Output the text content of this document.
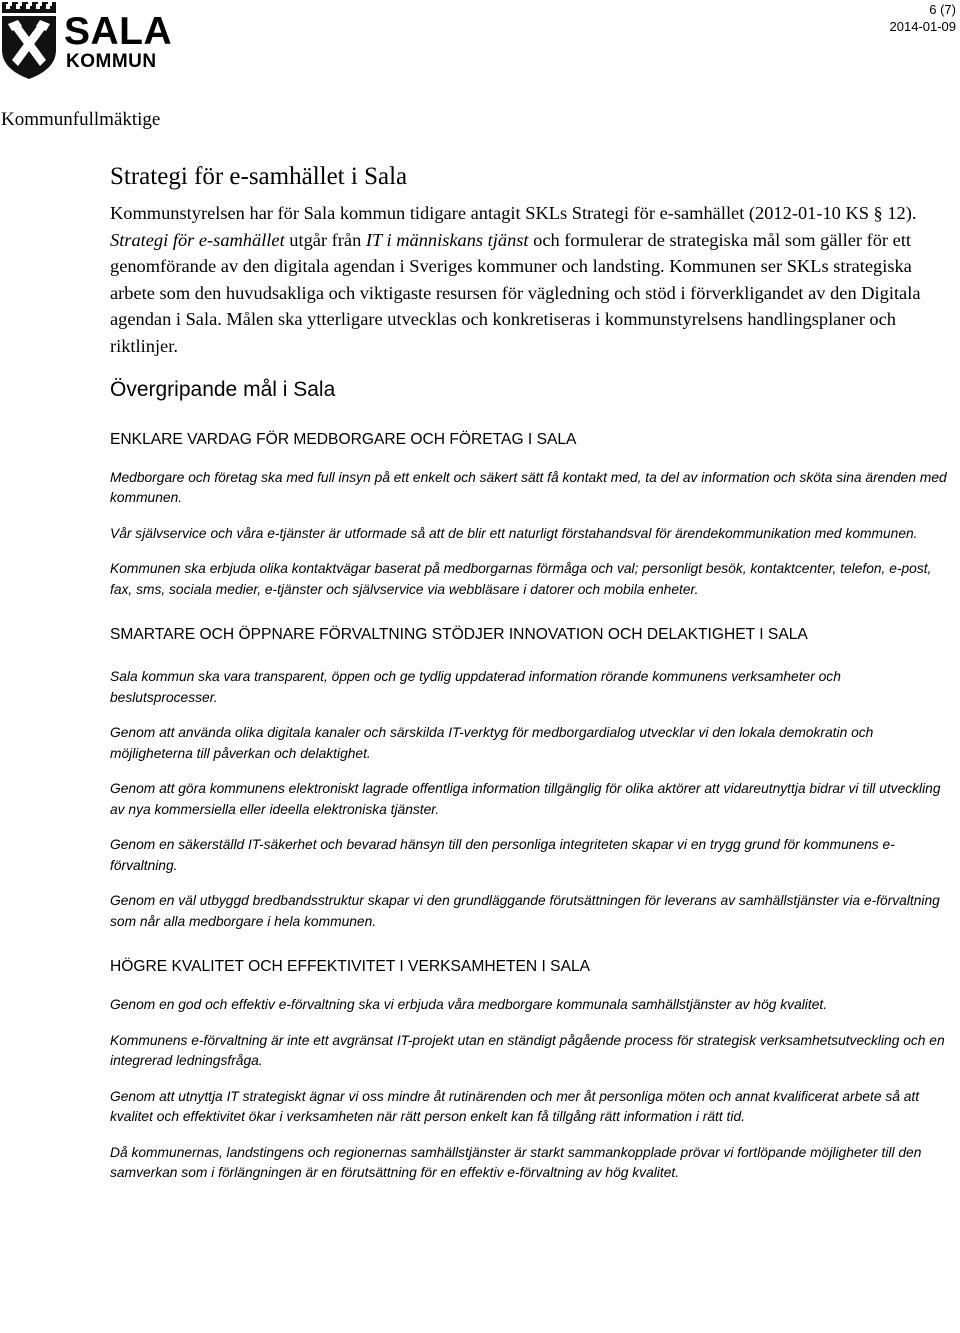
SALA
KOMMUN
6 (7)
2014-01-09
Kommunfullmäktige
Strategi för e-samhället i Sala

Kommunstyrelsen har för Sala kommun tidigare antagit SKLs Strategi för e-samhället (2012-01-10 KS § 12). Strategi för e-samhället utgår från IT i människans tjänst och formulerar de strategiska mål som gäller för ett genomförande av den digitala agendan i Sveriges kommuner och landsting. Kommunen ser SKLs strategiska arbete som den huvudsakliga och viktigaste resursen för vägledning och stöd i förverkligandet av den Digitala agendan i Sala. Målen ska ytterligare utvecklas och konkretiseras i kommunstyrelsens handlingsplaner och riktlinjer.

Övergripande mål i Sala
ENKLARE VARDAG FÖR MEDBORGARE OCH FÖRETAG I SALA

Medborgare och företag ska med full insyn på ett enkelt och säkert sätt få kontakt med, ta del av information och sköta sina ärenden med kommunen.

Vår självservice och våra e-tjänster är utformade så att de blir ett naturligt förstahandsval för ärendekommunikation med kommunen.

Kommunen ska erbjuda olika kontaktvägar baserat på medborgarnas förmåga och val; personligt besök, kontaktcenter, telefon, e-post, fax, sms, sociala medier, e-tjänster och självservice via webbläsare i datorer och mobila enheter.

SMARTARE OCH ÖPPNARE FÖRVALTNING STÖDJER INNOVATION OCH DELAKTIGHET I SALA

Sala kommun ska vara transparent, öppen och ge tydlig uppdaterad information rörande kommunens verksamheter och beslutsprocesser.

Genom att använda olika digitala kanaler och särskilda IT-verktyg för medborgardialog utvecklar vi den lokala demokratin och möjligheterna till påverkan och delaktighet.

Genom att göra kommunens elektroniskt lagrade offentliga information tillgänglig för olika aktörer att vidareutnyttja bidrar vi till utveckling av nya kommersiella eller ideella elektroniska tjänster.

Genom en säkerställd IT-säkerhet och bevarad hänsyn till den personliga integriteten skapar vi en trygg grund för kommunens e-förvaltning.

Genom en väl utbyggd bredbandsstruktur skapar vi den grundläggande förutsättningen för leverans av samhällstjänster via e-förvaltning som når alla medborgare i hela kommunen.

HÖGRE KVALITET OCH EFFEKTIVITET I VERKSAMHETEN I SALA

Genom en god och effektiv e-förvaltning ska vi erbjuda våra medborgare kommunala samhällstjänster av hög kvalitet.

Kommunens e-förvaltning är inte ett avgränsat IT-projekt utan en ständigt pågående process för strategisk verksamhetsutveckling och en integrerad ledningsfråga.

Genom att utnyttja IT strategiskt ägnar vi oss mindre åt rutinärenden och mer åt personliga möten och annat kvalificerat arbete så att kvalitet och effektivitet ökar i verksamheten när rätt person enkelt kan få tillgång rätt information i rätt tid.

Då kommunernas, landstingens och regionernas samhällstjänster är starkt sammankopplade prövar vi fortlöpande möjligheter till den samverkan som i förlängningen är en förutsättning för en effektiv e-förvaltning av hög kvalitet.
